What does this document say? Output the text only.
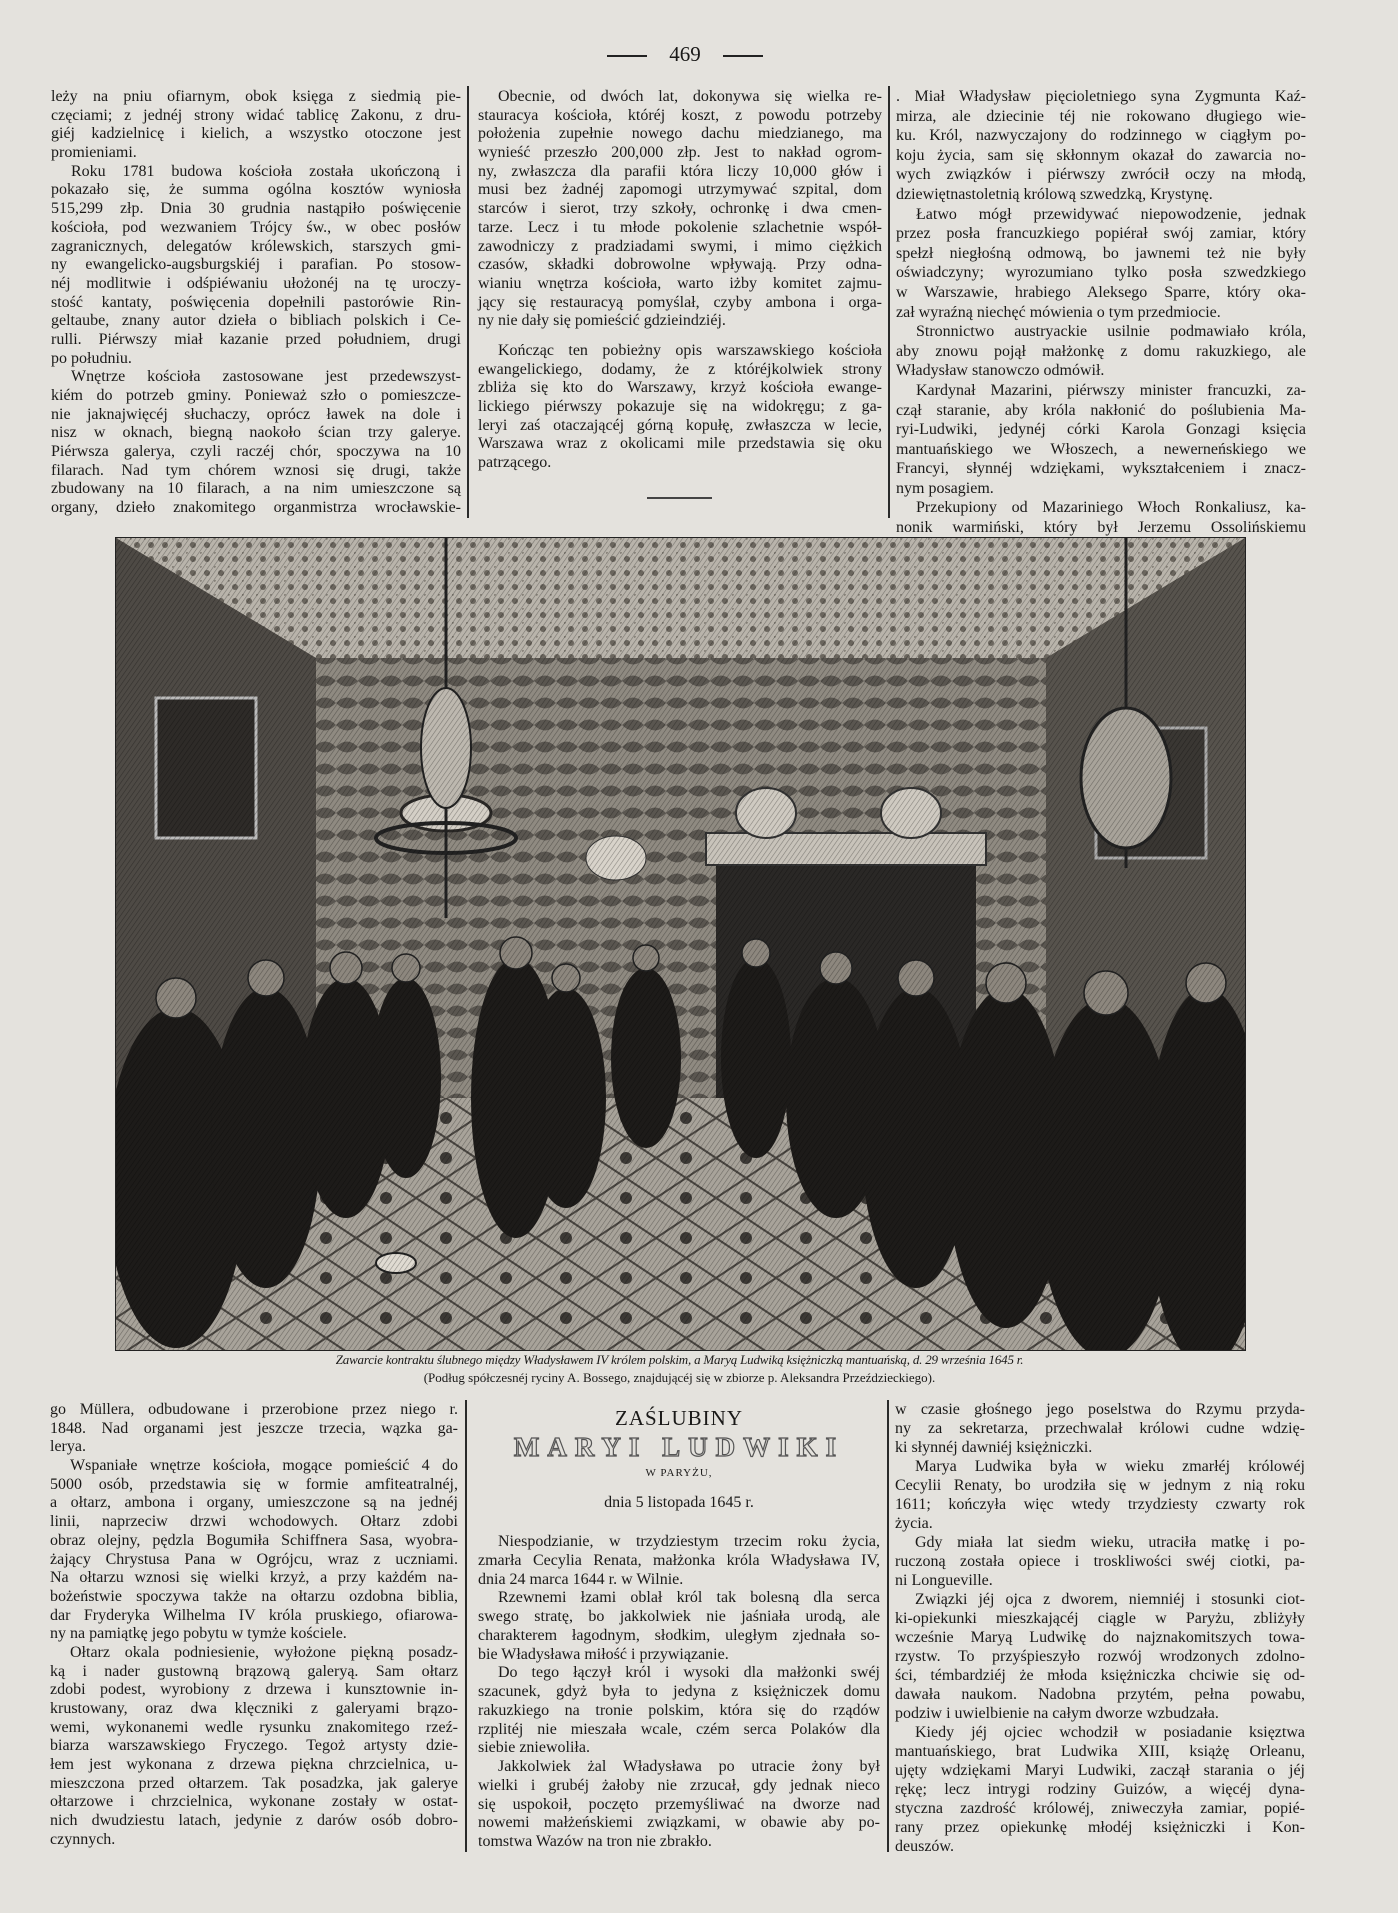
469
leży na pniu ofiarnym, obok księga z siedmią pie-
częciami; z jednéj strony widać tablicę Zakonu, z dru-
giéj kadzielnicę i kielich, a wszystko otoczone jest
promieniami.
Roku 1781 budowa kościoła została ukończoną i
pokazało się, że summa ogólna kosztów wyniosła
515,299 złp. Dnia 30 grudnia nastąpiło poświęcenie
kościoła, pod wezwaniem Trójcy św., w obec posłów
zagranicznych, delegatów królewskich, starszych gmi-
ny ewangelicko-augsburgskiéj i parafian. Po stosow-
néj modlitwie i odśpiéwaniu ułożonéj na tę uroczy-
stość kantaty, poświęcenia dopełnili pastorówie Rin-
geltaube, znany autor dzieła o bibliach polskich i Ce-
rulli. Piérwszy miał kazanie przed południem, drugi
po południu.
Wnętrze kościoła zastosowane jest przedewszyst-
kiém do potrzeb gminy. Ponieważ szło o pomieszcze-
nie jaknajwięcéj słuchaczy, oprócz ławek na dole i
nisz w oknach, biegną naokoło ścian trzy galerye.
Piérwsza galerya, czyli raczéj chór, spoczywa na 10
filarach. Nad tym chórem wznosi się drugi, także
zbudowany na 10 filarach, a na nim umieszczone są
organy, dzieło znakomitego organmistrza wrocławskie-
Obecnie, od dwóch lat, dokonywa się wielka re-
stauracya kościoła, któréj koszt, z powodu potrzeby
położenia zupełnie nowego dachu miedzianego, ma
wynieść przeszło 200,000 złp. Jest to nakład ogrom-
ny, zwłaszcza dla parafii która liczy 10,000 głów i
musi bez żadnéj zapomogi utrzymywać szpital, dom
starców i sierot, trzy szkoły, ochronkę i dwa cmen-
tarze. Lecz i tu młode pokolenie szlachetnie współ-
zawodniczy z pradziadami swymi, i mimo ciężkich
czasów, składki dobrowolne wpływają. Przy odna-
wianiu wnętrza kościoła, warto iżby komitet zajmu-
jący się restauracyą pomyślał, czyby ambona i orga-
ny nie dały się pomieścić gdzieindziéj.
Kończąc ten pobieżny opis warszawskiego kościoła
ewangelickiego, dodamy, że z któréjkolwiek strony
zbliża się kto do Warszawy, krzyż kościoła ewange-
lickiego piérwszy pokazuje się na widokręgu; z ga-
leryi zaś otaczającéj górną kopułę, zwłaszcza w lecie,
Warszawa wraz z okolicami mile przedstawia się oku
patrzącego.
. Miał Władysław pięcioletniego syna Zygmunta Kaź-
mirza, ale dziecinie téj nie rokowano długiego wie-
ku. Król, nazwyczajony do rodzinnego w ciągłym po-
koju życia, sam się skłonnym okazał do zawarcia no-
wych związków i piérwszy zwrócił oczy na młodą,
dziewiętnastoletnią królową szwedzką, Krystynę.
Łatwo mógł przewidywać niepowodzenie, jednak
przez posła francuzkiego popiérał swój zamiar, który
spełzł niegłośną odmową, bo jawnemi też nie były
oświadczyny; wyrozumiano tylko posła szwedzkiego
w Warszawie, hrabiego Aleksego Sparre, który oka-
zał wyraźną niechęć mówienia o tym przedmiocie.
Stronnictwo austryackie usilnie podmawiało króla,
aby znowu pojął małżonkę z domu rakuzkiego, ale
Władysław stanowczo odmówił.
Kardynał Mazarini, piérwszy minister francuzki, za-
czął staranie, aby króla nakłonić do poślubienia Ma-
ryi-Ludwiki, jedynéj córki Karola Gonzagi księcia
mantuańskiego we Włoszech, a newerneńskiego we
Francyi, słynnéj wdziękami, wykształceniem i znacz-
nym posagiem.
Przekupiony od Mazariniego Włoch Ronkaliusz, ka-
nonik warmiński, który był Jerzemu Ossolińskiemu
Zawarcie kontraktu ślubnego między Władysławem IV królem polskim, a Maryą Ludwiką księżniczką mantuańską, d. 29 września 1645 r.
(Podług spółczesnéj ryciny A. Bossego, znajdującéj się w zbiorze p. Aleksandra Przeździeckiego).
go Müllera, odbudowane i przerobione przez niego r.
1848. Nad organami jest jeszcze trzecia, wązka ga-
lerya.
Wspaniałe wnętrze kościoła, mogące pomieścić 4 do
5000 osób, przedstawia się w formie amfiteatralnéj,
a ołtarz, ambona i organy, umieszczone są na jednéj
linii, naprzeciw drzwi wchodowych. Ołtarz zdobi
obraz olejny, pędzla Bogumiła Schiffnera Sasa, wyobra-
żający Chrystusa Pana w Ogrójcu, wraz z uczniami.
Na ołtarzu wznosi się wielki krzyż, a przy każdém na-
bożeństwie spoczywa także na ołtarzu ozdobna biblia,
dar Fryderyka Wilhelma IV króla pruskiego, ofiarowa-
ny na pamiątkę jego pobytu w tymże kościele.
Ołtarz okala podniesienie, wyłożone piękną posadz-
ką i nader gustowną brązową galeryą. Sam ołtarz
zdobi podest, wyrobiony z drzewa i kunsztownie in-
krustowany, oraz dwa klęczniki z galeryami brązo-
wemi, wykonanemi wedle rysunku znakomitego rzeź-
biarza warszawskiego Fryczego. Tegoż artysty dzie-
łem jest wykonana z drzewa piękna chrzcielnica, u-
mieszczona przed ołtarzem. Tak posadzka, jak galerye
ołtarzowe i chrzcielnica, wykonane zostały w ostat-
nich dwudziestu latach, jedynie z darów osób dobro-
czynnych.
ZAŚLUBINY
MARYI LUDWIKI
W PARYŻU,
dnia 5 listopada 1645 r.
Niespodzianie, w trzydziestym trzecim roku życia,
zmarła Cecylia Renata, małżonka króla Władysława IV,
dnia 24 marca 1644 r. w Wilnie.
Rzewnemi łzami oblał król tak bolesną dla serca
swego stratę, bo jakkolwiek nie jaśniała urodą, ale
charakterem łagodnym, słodkim, uległym zjednała so-
bie Władysława miłość i przywiązanie.
Do tego łączył król i wysoki dla małżonki swéj
szacunek, gdyż była to jedyna z księżniczek domu
rakuzkiego na tronie polskim, która się do rządów
rzplitéj nie mieszała wcale, czém serca Polaków dla
siebie zniewoliła.
Jakkolwiek żal Władysława po utracie żony był
wielki i grubéj żałoby nie zrzucał, gdy jednak nieco
się uspokoił, poczęto przemyśliwać na dworze nad
nowemi małżeńskiemi związkami, w obawie aby po-
tomstwa Wazów na tron nie zbrakło.
w czasie głośnego jego poselstwa do Rzymu przyda-
ny za sekretarza, przechwalał królowi cudne wdzię-
ki słynnéj dawniéj księżniczki.
Marya Ludwika była w wieku zmarłéj królowéj
Cecylii Renaty, bo urodziła się w jednym z nią roku
1611; kończyła więc wtedy trzydziesty czwarty rok
życia.
Gdy miała lat siedm wieku, utraciła matkę i po-
ruczoną została opiece i troskliwości swéj ciotki, pa-
ni Longueville.
Związki jéj ojca z dworem, niemniéj i stosunki ciot-
ki-opiekunki mieszkającéj ciągle w Paryżu, zbliżyły
wcześnie Maryą Ludwikę do najznakomitszych towa-
rzystw. To przyśpieszyło rozwój wrodzonych zdolno-
ści, témbardziéj że młoda księżniczka chciwie się od-
dawała naukom. Nadobna przytém, pełna powabu,
podziw i uwielbienie na całym dworze wzbudzała.
Kiedy jéj ojciec wchodził w posiadanie księztwa
mantuańskiego, brat Ludwika XIII, książę Orleanu,
ujęty wdziękami Maryi Ludwiki, zaczął starania o jéj
rękę; lecz intrygi rodziny Guizów, a więcéj dyna-
styczna zazdrość królowéj, zniweczyła zamiar, popié-
rany przez opiekunkę młodéj księżniczki i Kon-
deuszów.
